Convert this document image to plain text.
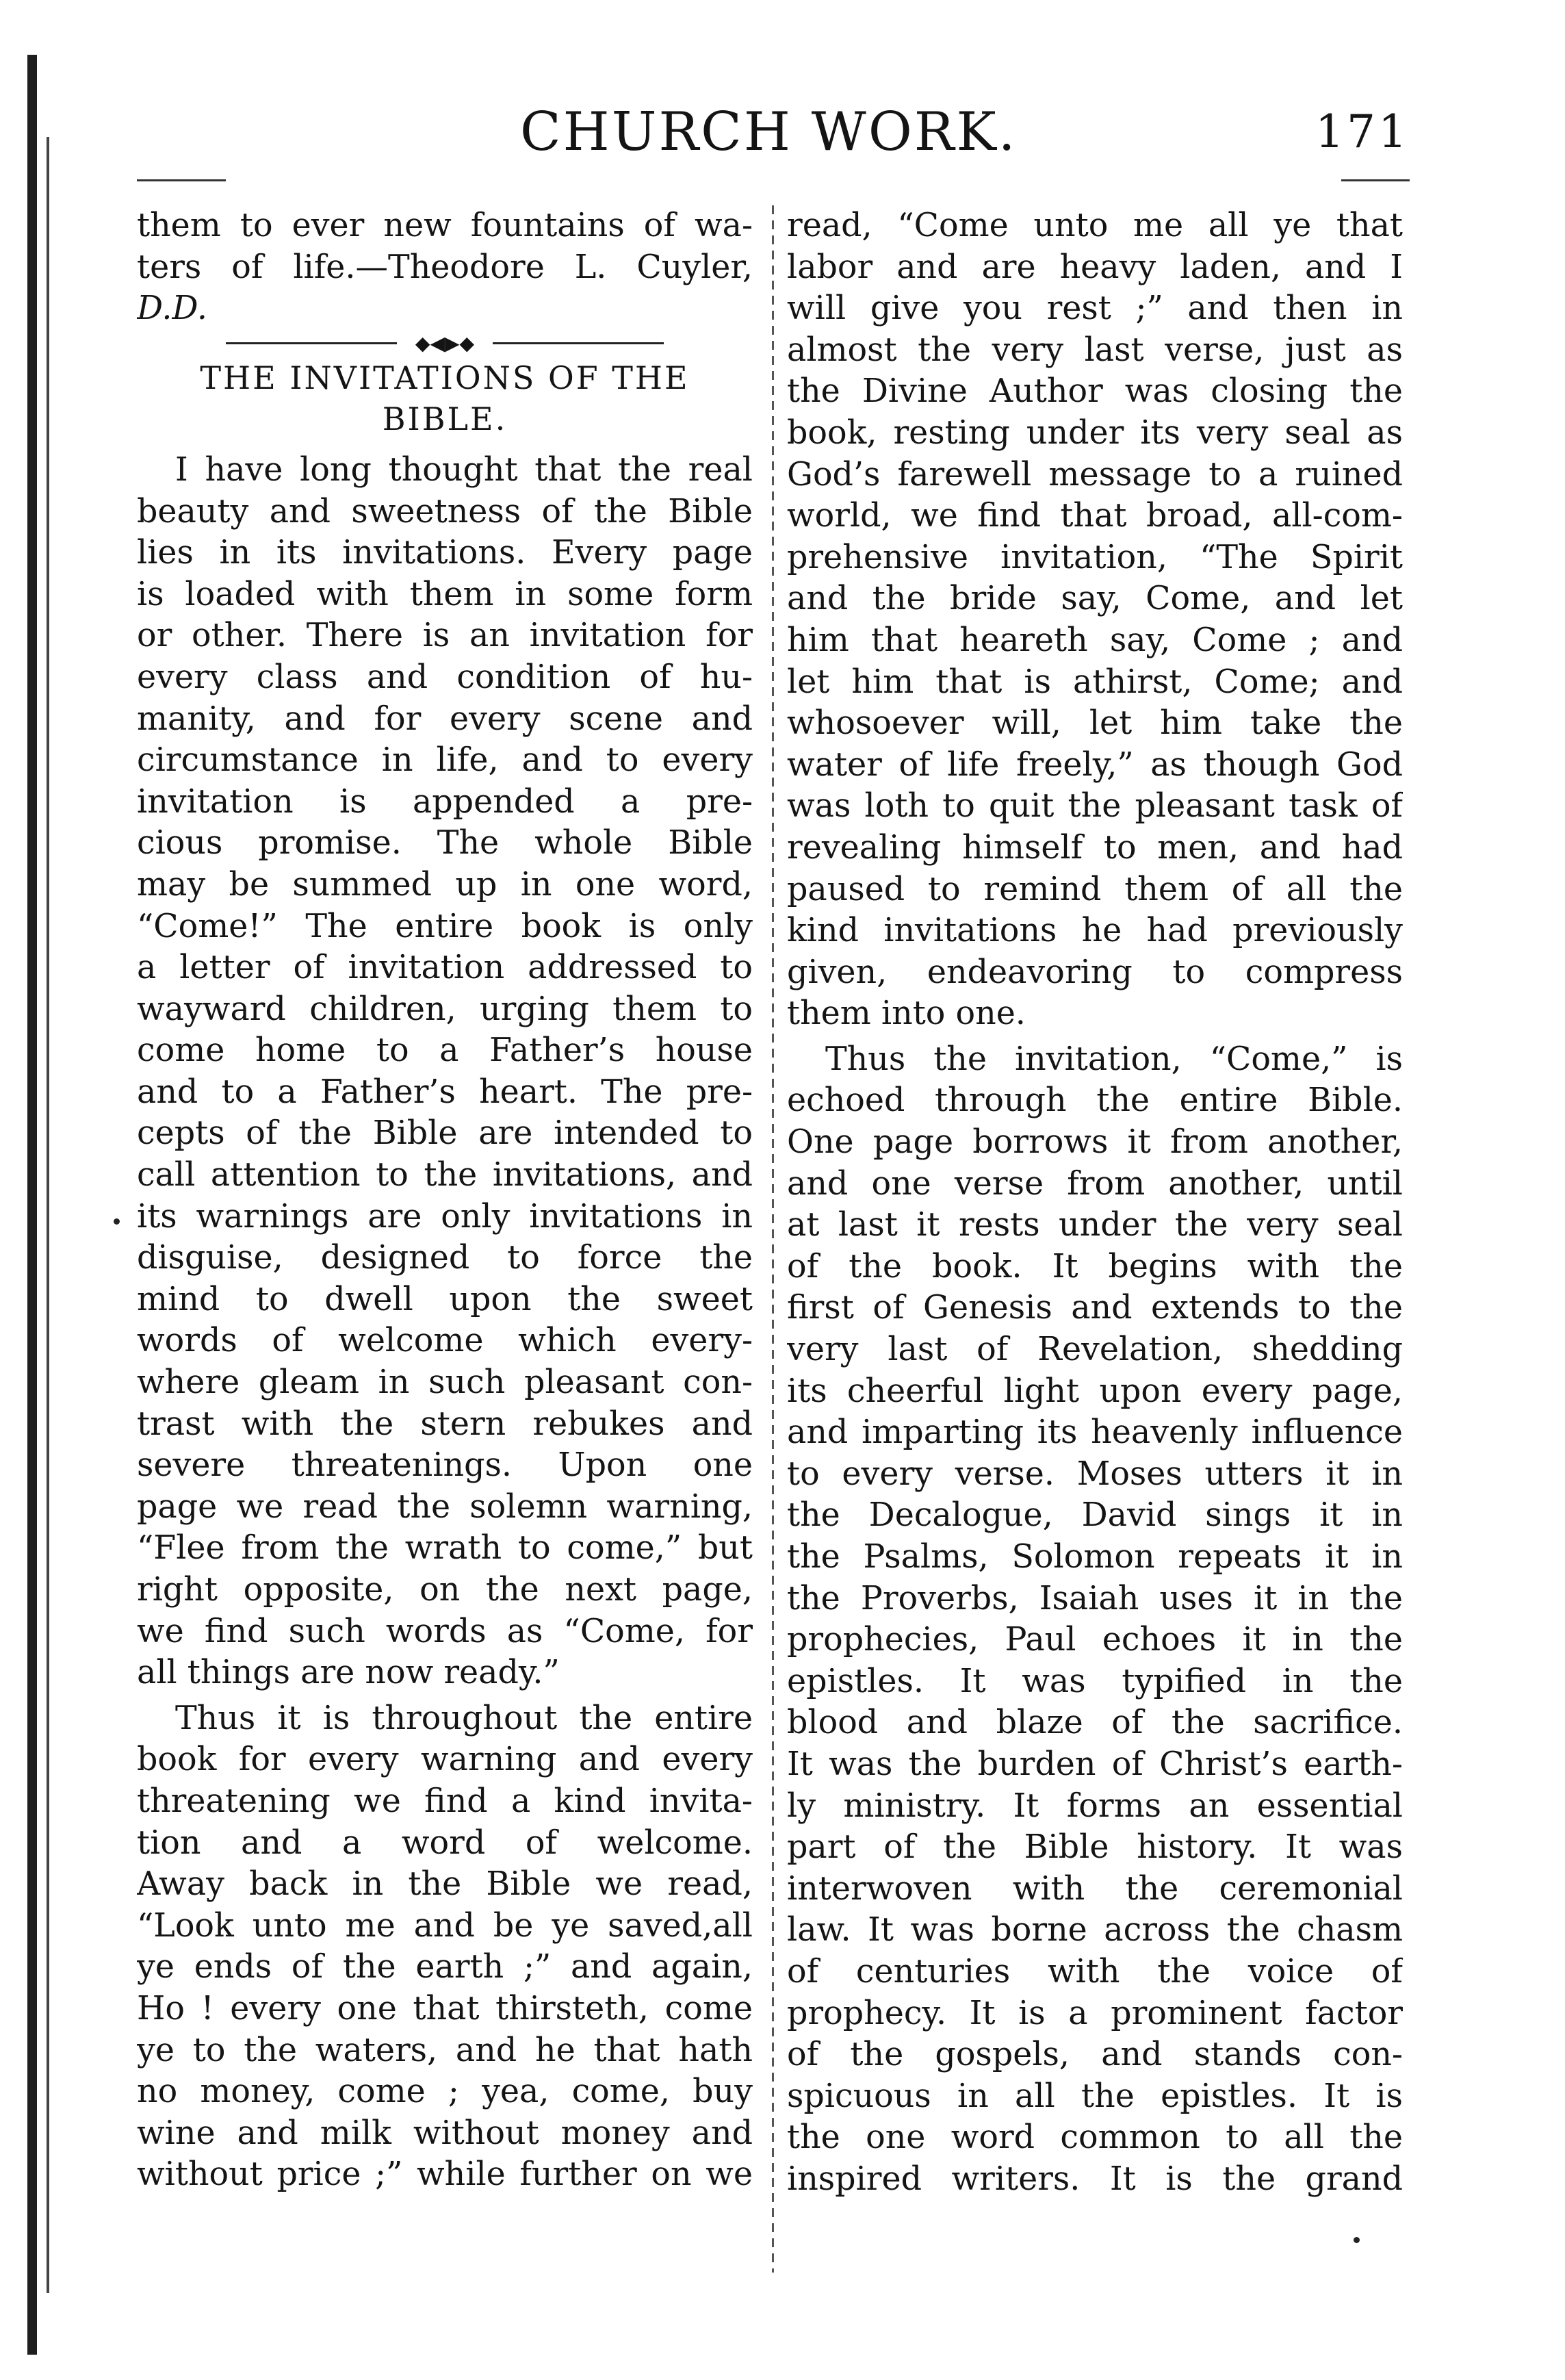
CHURCH WORK.	171
them to ever new fountains of wa-
ters of life.—Theodore L. Cuyler,
D.D.
◆◀▶◆
THE INVITATIONS OF THE
BIBLE.
I have long thought that the real
beauty and sweetness of the Bible
lies in its invitations. Every page
is loaded with them in some form
or other. There is an invitation for
every class and condition of hu-
manity, and for every scene and
circumstance in life, and to every
invitation is appended a pre-
cious promise. The whole Bible
may be summed up in one word,
“Come!” The entire book is only
a letter of invitation addressed to
wayward children, urging them to
come home to a Father’s house
and to a Father’s heart. The pre-
cepts of the Bible are intended to
call attention to the invitations, and
its warnings are only invitations in
disguise, designed to force the
mind to dwell upon the sweet
words of welcome which every-
where gleam in such pleasant con-
trast with the stern rebukes and
severe threatenings. Upon one
page we read the solemn warning,
“Flee from the wrath to come,” but
right opposite, on the next page,
we find such words as “Come, for
all things are now ready.”
Thus it is throughout the entire
book for every warning and every
threatening we find a kind invita-
tion and a word of welcome.
Away back in the Bible we read,
“Look unto me and be ye saved,all
ye ends of the earth ;” and again,
Ho ! every one that thirsteth, come
ye to the waters, and he that hath
no money, come ; yea, come, buy
wine and milk without money and
without price ;” while further on we
read, “Come unto me all ye that
labor and are heavy laden, and I
will give you rest ;” and then in
almost the very last verse, just as
the Divine Author was closing the
book, resting under its very seal as
God’s farewell message to a ruined
world, we find that broad, all-com-
prehensive invitation, “The Spirit
and the bride say, Come, and let
him that heareth say, Come ; and
let him that is athirst, Come; and
whosoever will, let him take the
water of life freely,” as though God
was loth to quit the pleasant task of
revealing himself to men, and had
paused to remind them of all the
kind invitations he had previously
given, endeavoring to compress
them into one.
Thus the invitation, “Come,” is
echoed through the entire Bible.
One page borrows it from another,
and one verse from another, until
at last it rests under the very seal
of the book. It begins with the
first of Genesis and extends to the
very last of Revelation, shedding
its cheerful light upon every page,
and imparting its heavenly influence
to every verse. Moses utters it in
the Decalogue, David sings it in
the Psalms, Solomon repeats it in
the Proverbs, Isaiah uses it in the
prophecies, Paul echoes it in the
epistles. It was typified in the
blood and blaze of the sacrifice.
It was the burden of Christ’s earth-
ly ministry. It forms an essential
part of the Bible history. It was
interwoven with the ceremonial
law. It was borne across the chasm
of centuries with the voice of
prophecy. It is a prominent factor
of the gospels, and stands con-
spicuous in all the epistles. It is
the one word common to all the
inspired writers. It is the grand
